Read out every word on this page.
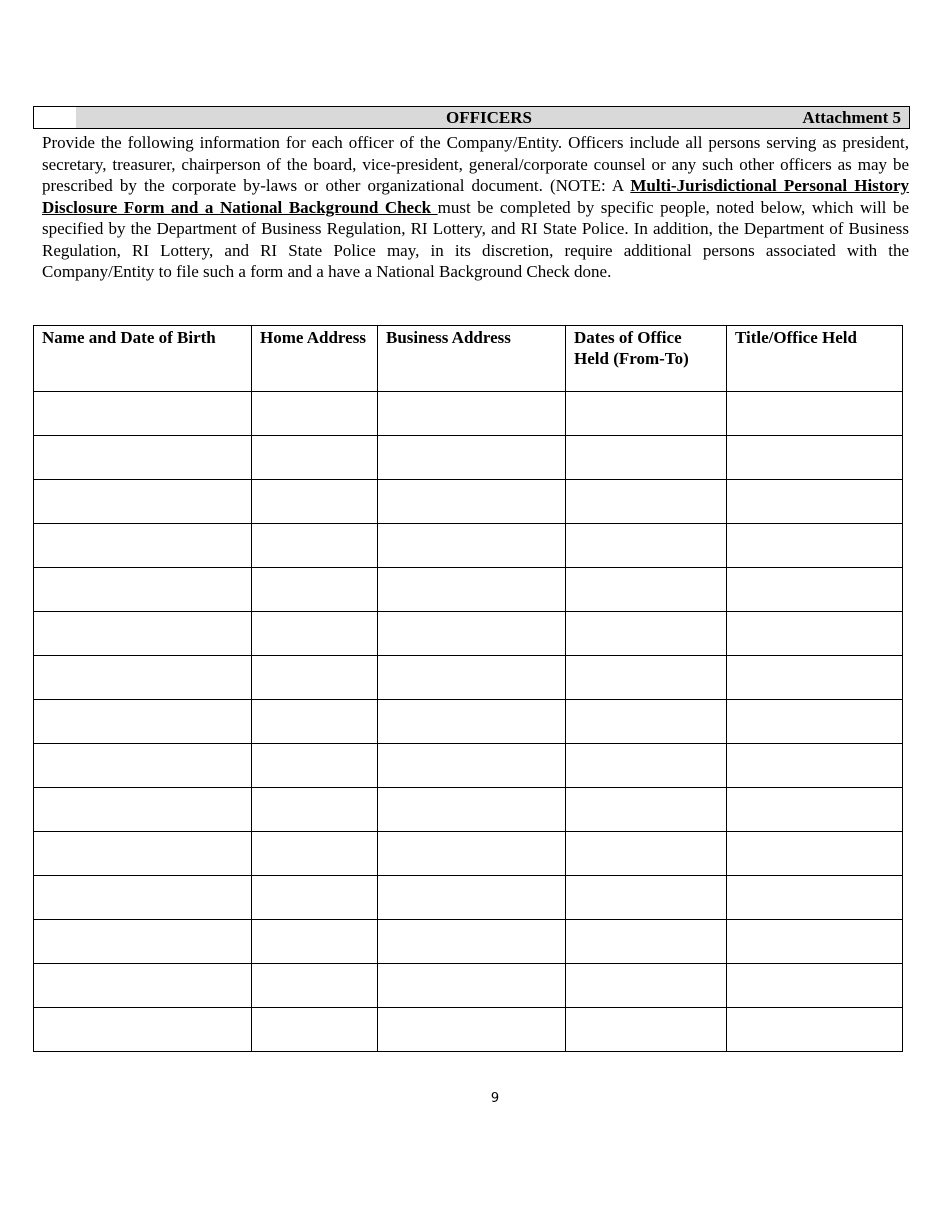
OFFICERS	Attachment 5

Provide the following information for each officer of the Company/Entity. Officers include all persons serving as president, secretary, treasurer, chairperson of the board, vice-president, general/corporate counsel or any such other officers as may be prescribed by the corporate by-laws or other organizational document. (NOTE: A Multi-Jurisdictional Personal History Disclosure Form and a National Background Check must be completed by specific people, noted below, which will be specified by the Department of Business Regulation, RI Lottery, and RI State Police. In addition, the Department of Business Regulation, RI Lottery, and RI State Police may, in its discretion, require additional persons associated with the Company/Entity to file such a form and a have a National Background Check done.

Name and Date of Birth	Home Address	Business Address	Dates of Office Held (From-To)	Title/Office Held

9
